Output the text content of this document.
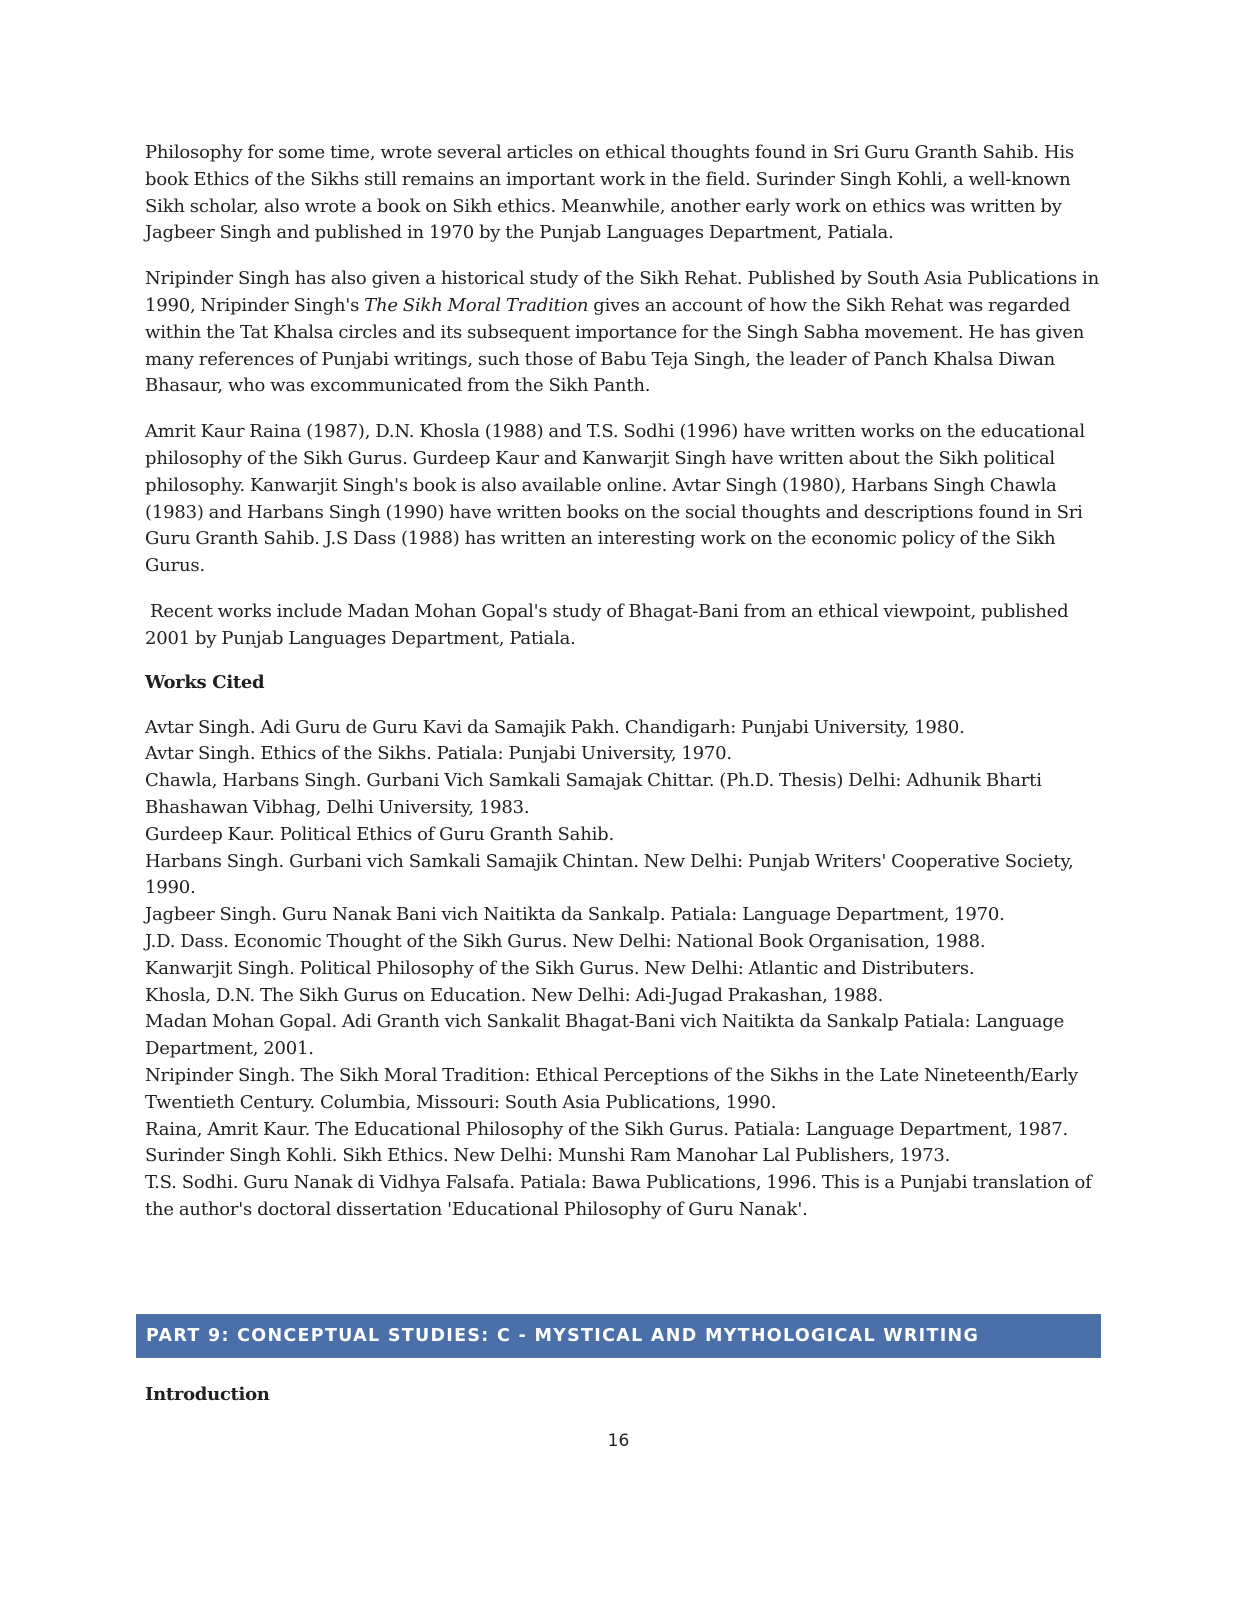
Philosophy for some time, wrote several articles on ethical thoughts found in Sri Guru Granth Sahib. His book Ethics of the Sikhs still remains an important work in the field. Surinder Singh Kohli, a well-known Sikh scholar, also wrote a book on Sikh ethics. Meanwhile, another early work on ethics was written by Jagbeer Singh and published in 1970 by the Punjab Languages Department, Patiala.

Nripinder Singh has also given a historical study of the Sikh Rehat. Published by South Asia Publications in 1990, Nripinder Singh's The Sikh Moral Tradition gives an account of how the Sikh Rehat was regarded within the Tat Khalsa circles and its subsequent importance for the Singh Sabha movement. He has given many references of Punjabi writings, such those of Babu Teja Singh, the leader of Panch Khalsa Diwan Bhasaur, who was excommunicated from the Sikh Panth.

Amrit Kaur Raina (1987), D.N. Khosla (1988) and T.S. Sodhi (1996) have written works on the educational philosophy of the Sikh Gurus. Gurdeep Kaur and Kanwarjit Singh have written about the Sikh political philosophy. Kanwarjit Singh's book is also available online. Avtar Singh (1980), Harbans Singh Chawla (1983) and Harbans Singh (1990) have written books on the social thoughts and descriptions found in Sri Guru Granth Sahib. J.S Dass (1988) has written an interesting work on the economic policy of the Sikh Gurus.

Recent works include Madan Mohan Gopal's study of Bhagat-Bani from an ethical viewpoint, published 2001 by Punjab Languages Department, Patiala.

Works Cited

Avtar Singh. Adi Guru de Guru Kavi da Samajik Pakh. Chandigarh: Punjabi University, 1980.

Avtar Singh. Ethics of the Sikhs. Patiala: Punjabi University, 1970.

Chawla, Harbans Singh. Gurbani Vich Samkali Samajak Chittar. (Ph.D. Thesis) Delhi: Adhunik Bharti Bhashawan Vibhag, Delhi University, 1983.

Gurdeep Kaur. Political Ethics of Guru Granth Sahib.

Harbans Singh. Gurbani vich Samkali Samajik Chintan. New Delhi: Punjab Writers' Cooperative Society, 1990.

Jagbeer Singh. Guru Nanak Bani vich Naitikta da Sankalp. Patiala: Language Department, 1970.

J.D. Dass. Economic Thought of the Sikh Gurus. New Delhi: National Book Organisation, 1988.

Kanwarjit Singh. Political Philosophy of the Sikh Gurus. New Delhi: Atlantic and Distributers.

Khosla, D.N. The Sikh Gurus on Education. New Delhi: Adi-Jugad Prakashan, 1988.

Madan Mohan Gopal. Adi Granth vich Sankalit Bhagat-Bani vich Naitikta da Sankalp Patiala: Language Department, 2001.

Nripinder Singh. The Sikh Moral Tradition: Ethical Perceptions of the Sikhs in the Late Nineteenth/Early Twentieth Century. Columbia, Missouri: South Asia Publications, 1990.

Raina, Amrit Kaur. The Educational Philosophy of the Sikh Gurus. Patiala: Language Department, 1987.

Surinder Singh Kohli. Sikh Ethics. New Delhi: Munshi Ram Manohar Lal Publishers, 1973.

T.S. Sodhi. Guru Nanak di Vidhya Falsafa. Patiala: Bawa Publications, 1996. This is a Punjabi translation of the author's doctoral dissertation 'Educational Philosophy of Guru Nanak'.

PART 9: CONCEPTUAL STUDIES: C - MYSTICAL AND MYTHOLOGICAL WRITING
Introduction
16
